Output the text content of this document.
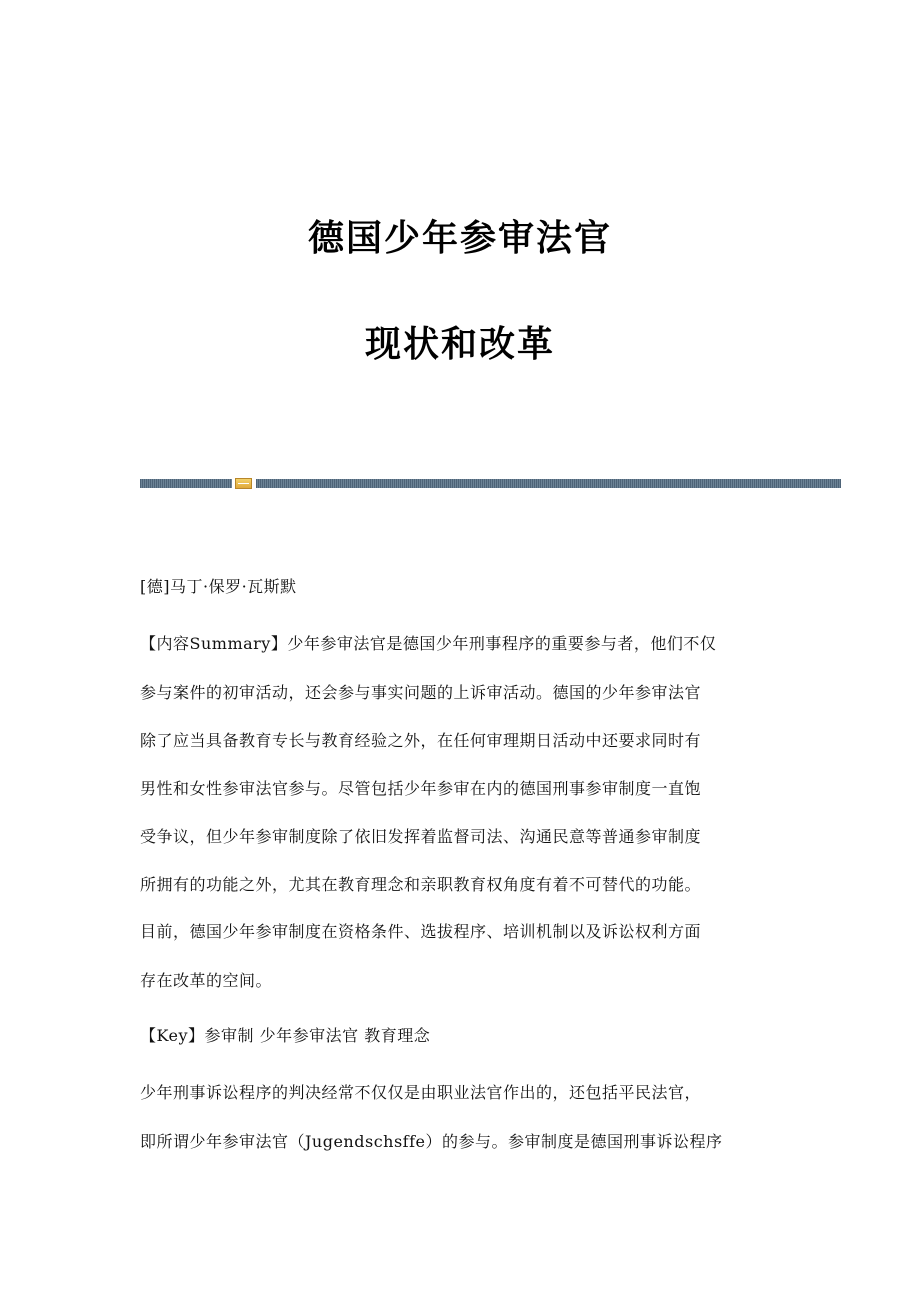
德国少年参审法官
现状和改革
[德]马丁·保罗·瓦斯默
【内容Summary】少年参审法官是德国少年刑事程序的重要参与者，他们不仅
参与案件的初审活动，还会参与事实问题的上诉审活动。德国的少年参审法官
除了应当具备教育专长与教育经验之外，在任何审理期日活动中还要求同时有
男性和女性参审法官参与。尽管包括少年参审在内的德国刑事参审制度一直饱
受争议，但少年参审制度除了依旧发挥着监督司法、沟通民意等普通参审制度
所拥有的功能之外，尤其在教育理念和亲职教育权角度有着不可替代的功能。
目前，德国少年参审制度在资格条件、选拔程序、培训机制以及诉讼权利方面
存在改革的空间。
【Key】参审制 少年参审法官 教育理念
少年刑事诉讼程序的判决经常不仅仅是由职业法官作出的，还包括平民法官，
即所谓少年参审法官（Jugendschsffe）的参与。参审制度是德国刑事诉讼程序
